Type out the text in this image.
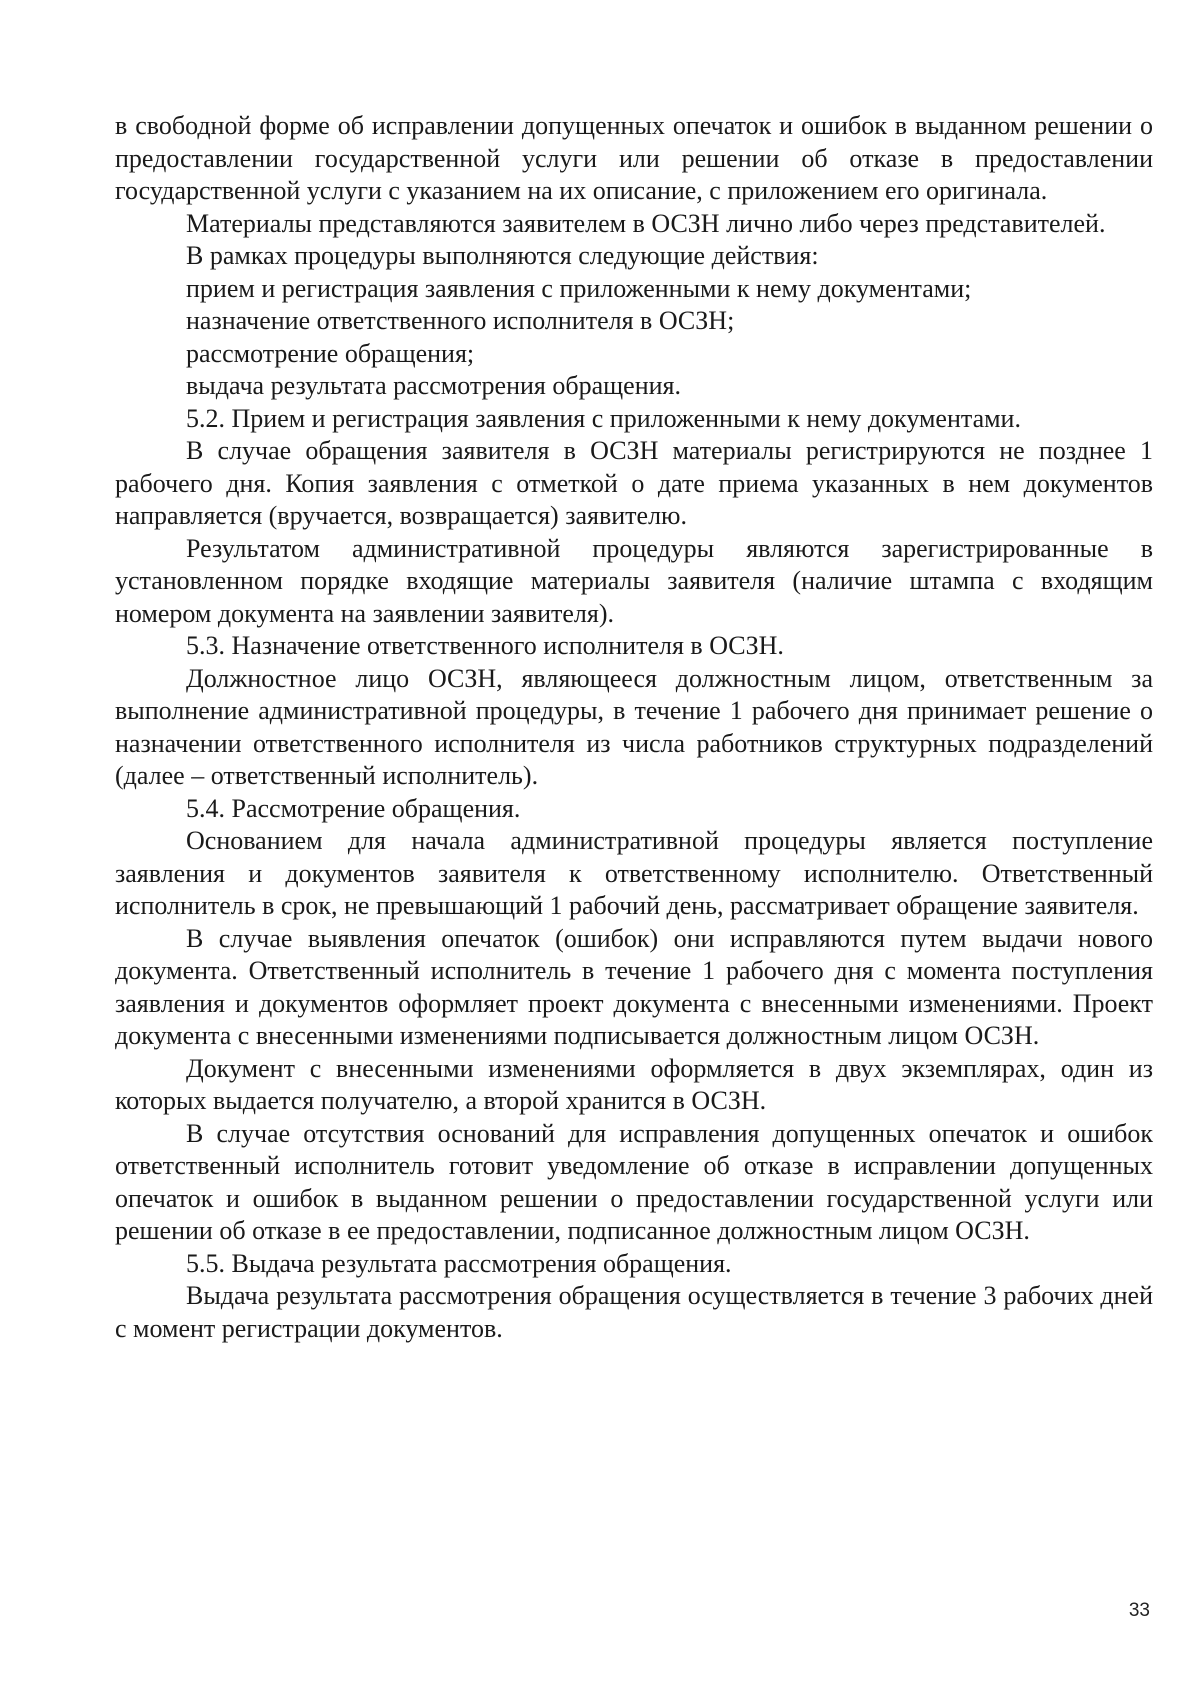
в свободной форме об исправлении допущенных опечаток и ошибок в выданном решении о предоставлении государственной услуги или решении об отказе в предоставлении государственной услуги с указанием на их описание, с приложением его оригинала.

Материалы представляются заявителем в ОСЗН лично либо через представителей.

В рамках процедуры выполняются следующие действия:

прием и регистрация заявления с приложенными к нему документами;

назначение ответственного исполнителя в ОСЗН;

рассмотрение обращения;

выдача результата рассмотрения обращения.

5.2. Прием и регистрация заявления с приложенными к нему документами.

В случае обращения заявителя в ОСЗН материалы регистрируются не позднее 1 рабочего дня. Копия заявления с отметкой о дате приема указанных в нем документов направляется (вручается, возвращается) заявителю.

Результатом административной процедуры являются зарегистрированные в установленном порядке входящие материалы заявителя (наличие штампа с входящим номером документа на заявлении заявителя).

5.3. Назначение ответственного исполнителя в ОСЗН.

Должностное лицо ОСЗН, являющееся должностным лицом, ответственным за выполнение административной процедуры, в течение 1 рабочего дня принимает решение о назначении ответственного исполнителя из числа работников структурных подразделений (далее – ответственный исполнитель).

5.4. Рассмотрение обращения.

Основанием для начала административной процедуры является поступление заявления и документов заявителя к ответственному исполнителю. Ответственный исполнитель в срок, не превышающий 1 рабочий день, рассматривает обращение заявителя.

В случае выявления опечаток (ошибок) они исправляются путем выдачи нового документа. Ответственный исполнитель в течение 1 рабочего дня с момента поступления заявления и документов оформляет проект документа с внесенными изменениями. Проект документа с внесенными изменениями подписывается должностным лицом ОСЗН.

Документ с внесенными изменениями оформляется в двух экземплярах, один из которых выдается получателю, а второй хранится в ОСЗН.

В случае отсутствия оснований для исправления допущенных опечаток и ошибок ответственный исполнитель готовит уведомление об отказе в исправлении допущенных опечаток и ошибок в выданном решении о предоставлении государственной услуги или решении об отказе в ее предоставлении, подписанное должностным лицом ОСЗН.

5.5. Выдача результата рассмотрения обращения.

Выдача результата рассмотрения обращения осуществляется в течение 3 рабочих дней с момент регистрации документов.

33
